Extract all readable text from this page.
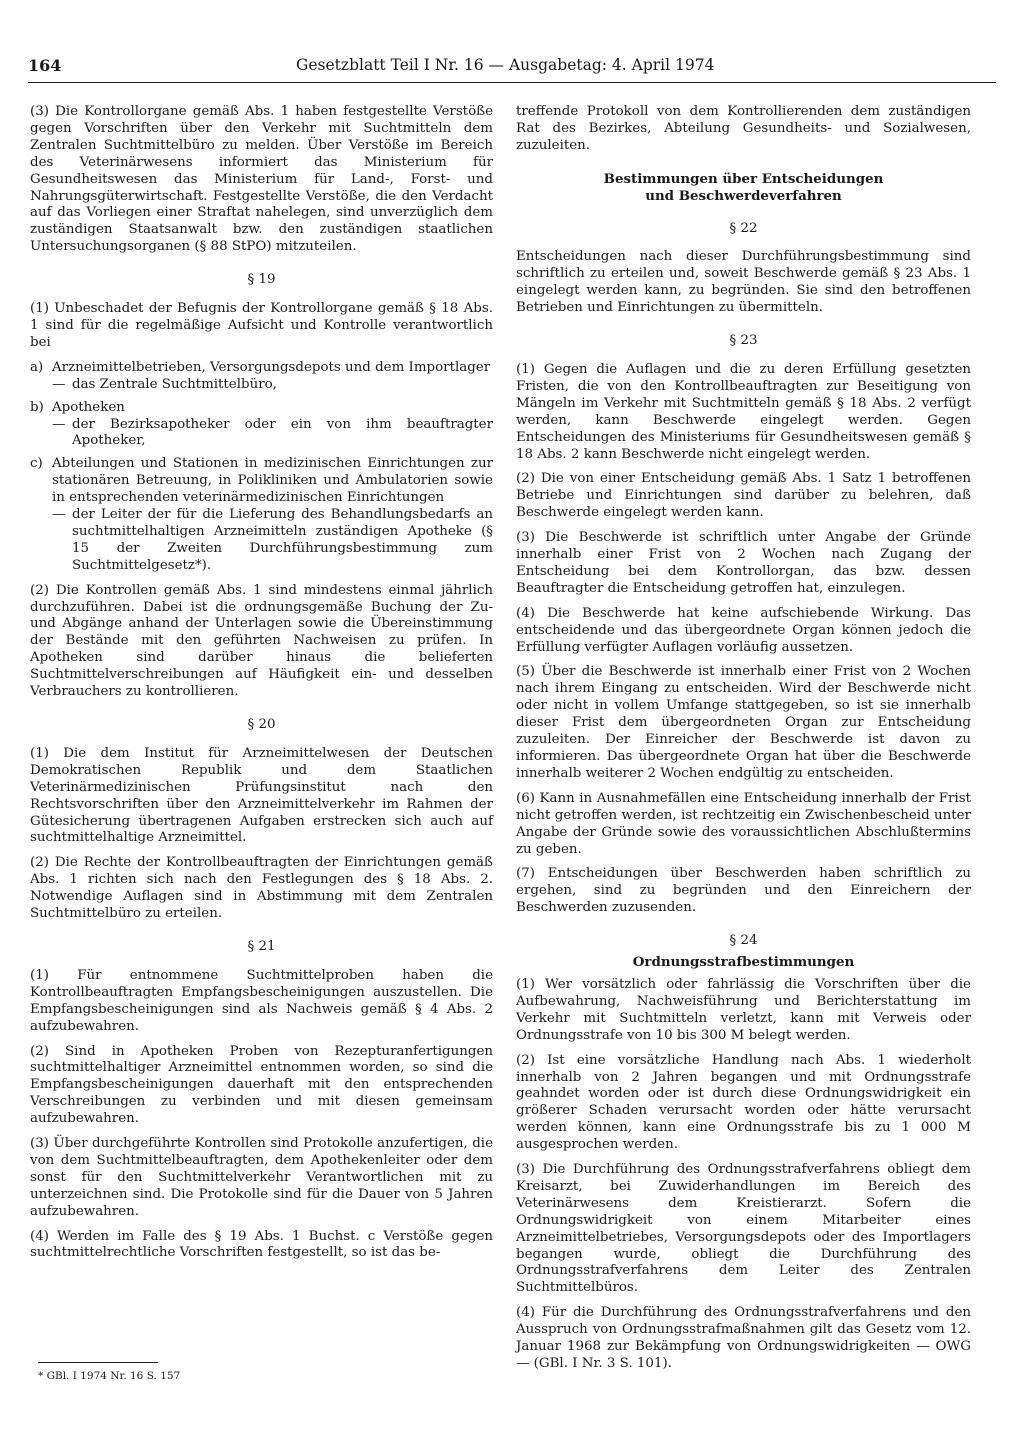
164	Gesetzblatt Teil I Nr. 16 — Ausgabetag: 4. April 1974

(3) Die Kontrollorgane gemäß Abs. 1 haben festgestellte Verstöße gegen Vorschriften über den Verkehr mit Suchtmitteln dem Zentralen Suchtmittelbüro zu melden. Über Verstöße im Bereich des Veterinärwesens informiert das Ministerium für Gesundheitswesen das Ministerium für Land-, Forst- und Nahrungsgüterwirtschaft. Festgestellte Verstöße, die den Verdacht auf das Vorliegen einer Straftat nahelegen, sind unverzüglich dem zuständigen Staatsanwalt bzw. den zuständigen staatlichen Untersuchungsorganen (§ 88 StPO) mitzuteilen.

§ 19

(1) Unbeschadet der Befugnis der Kontrollorgane gemäß § 18 Abs. 1 sind für die regelmäßige Aufsicht und Kontrolle verantwortlich bei

a) Arzneimittelbetrieben, Versorgungsdepots und dem Importlager
— das Zentrale Suchtmittelbüro,
b) Apotheken
— der Bezirksapotheker oder ein von ihm beauftragter Apotheker,
c) Abteilungen und Stationen in medizinischen Einrichtungen zur stationären Betreuung, in Polikliniken und Ambulatorien sowie in entsprechenden veterinärmedizinischen Einrichtungen
— der Leiter der für die Lieferung des Behandlungsbedarfs an suchtmittelhaltigen Arzneimitteln zuständigen Apotheke (§ 15 der Zweiten Durchführungsbestimmung zum Suchtmittelgesetz*).

(2) Die Kontrollen gemäß Abs. 1 sind mindestens einmal jährlich durchzuführen. Dabei ist die ordnungsgemäße Buchung der Zu- und Abgänge anhand der Unterlagen sowie die Übereinstimmung der Bestände mit den geführten Nachweisen zu prüfen. In Apotheken sind darüber hinaus die belieferten Suchtmittelverschreibungen auf Häufigkeit ein- und desselben Verbrauchers zu kontrollieren.

§ 20

(1) Die dem Institut für Arzneimittelwesen der Deutschen Demokratischen Republik und dem Staatlichen Veterinärmedizinischen Prüfungsinstitut nach den Rechtsvorschriften über den Arzneimittelverkehr im Rahmen der Gütesicherung übertragenen Aufgaben erstrecken sich auch auf suchtmittelhaltige Arzneimittel.

(2) Die Rechte der Kontrollbeauftragten der Einrichtungen gemäß Abs. 1 richten sich nach den Festlegungen des § 18 Abs. 2. Notwendige Auflagen sind in Abstimmung mit dem Zentralen Suchtmittelbüro zu erteilen.

§ 21

(1) Für entnommene Suchtmittelproben haben die Kontrollbeauftragten Empfangsbescheinigungen auszustellen. Die Empfangsbescheinigungen sind als Nachweis gemäß § 4 Abs. 2 aufzubewahren.

(2) Sind in Apotheken Proben von Rezepturanfertigungen suchtmittelhaltiger Arzneimittel entnommen worden, so sind die Empfangsbescheinigungen dauerhaft mit den entsprechenden Verschreibungen zu verbinden und mit diesen gemeinsam aufzubewahren.

(3) Über durchgeführte Kontrollen sind Protokolle anzufertigen, die von dem Suchtmittelbeauftragten, dem Apothekenleiter oder dem sonst für den Suchtmittelverkehr Verantwortlichen mit zu unterzeichnen sind. Die Protokolle sind für die Dauer von 5 Jahren aufzubewahren.

(4) Werden im Falle des § 19 Abs. 1 Buchst. c Verstöße gegen suchtmittelrechtliche Vorschriften festgestellt, so ist das be-

* GBl. I 1974 Nr. 16 S. 157

treffende Protokoll von dem Kontrollierenden dem zuständigen Rat des Bezirkes, Abteilung Gesundheits- und Sozialwesen, zuzuleiten.

Bestimmungen über Entscheidungen
und Beschwerdeverfahren
§ 22

Entscheidungen nach dieser Durchführungsbestimmung sind schriftlich zu erteilen und, soweit Beschwerde gemäß § 23 Abs. 1 eingelegt werden kann, zu begründen. Sie sind den betroffenen Betrieben und Einrichtungen zu übermitteln.

§ 23

(1) Gegen die Auflagen und die zu deren Erfüllung gesetzten Fristen, die von den Kontrollbeauftragten zur Beseitigung von Mängeln im Verkehr mit Suchtmitteln gemäß § 18 Abs. 2 verfügt werden, kann Beschwerde eingelegt werden. Gegen Entscheidungen des Ministeriums für Gesundheitswesen gemäß § 18 Abs. 2 kann Beschwerde nicht eingelegt werden.

(2) Die von einer Entscheidung gemäß Abs. 1 Satz 1 betroffenen Betriebe und Einrichtungen sind darüber zu belehren, daß Beschwerde eingelegt werden kann.

(3) Die Beschwerde ist schriftlich unter Angabe der Gründe innerhalb einer Frist von 2 Wochen nach Zugang der Entscheidung bei dem Kontrollorgan, das bzw. dessen Beauftragter die Entscheidung getroffen hat, einzulegen.

(4) Die Beschwerde hat keine aufschiebende Wirkung. Das entscheidende und das übergeordnete Organ können jedoch die Erfüllung verfügter Auflagen vorläufig aussetzen.

(5) Über die Beschwerde ist innerhalb einer Frist von 2 Wochen nach ihrem Eingang zu entscheiden. Wird der Beschwerde nicht oder nicht in vollem Umfange stattgegeben, so ist sie innerhalb dieser Frist dem übergeordneten Organ zur Entscheidung zuzuleiten. Der Einreicher der Beschwerde ist davon zu informieren. Das übergeordnete Organ hat über die Beschwerde innerhalb weiterer 2 Wochen endgültig zu entscheiden.

(6) Kann in Ausnahmefällen eine Entscheidung innerhalb der Frist nicht getroffen werden, ist rechtzeitig ein Zwischenbescheid unter Angabe der Gründe sowie des voraussichtlichen Abschlußtermins zu geben.

(7) Entscheidungen über Beschwerden haben schriftlich zu ergehen, sind zu begründen und den Einreichern der Beschwerden zuzusenden.

§ 24
Ordnungsstrafbestimmungen

(1) Wer vorsätzlich oder fahrlässig die Vorschriften über die Aufbewahrung, Nachweisführung und Berichterstattung im Verkehr mit Suchtmitteln verletzt, kann mit Verweis oder Ordnungsstrafe von 10 bis 300 M belegt werden.

(2) Ist eine vorsätzliche Handlung nach Abs. 1 wiederholt innerhalb von 2 Jahren begangen und mit Ordnungsstrafe geahndet worden oder ist durch diese Ordnungswidrigkeit ein größerer Schaden verursacht worden oder hätte verursacht werden können, kann eine Ordnungsstrafe bis zu 1 000 M ausgesprochen werden.

(3) Die Durchführung des Ordnungsstrafverfahrens obliegt dem Kreisarzt, bei Zuwiderhandlungen im Bereich des Veterinärwesens dem Kreistierarzt. Sofern die Ordnungswidrigkeit von einem Mitarbeiter eines Arzneimittelbetriebes, Versorgungsdepots oder des Importlagers begangen wurde, obliegt die Durchführung des Ordnungsstrafverfahrens dem Leiter des Zentralen Suchtmittelbüros.

(4) Für die Durchführung des Ordnungsstrafverfahrens und den Ausspruch von Ordnungsstrafmaßnahmen gilt das Gesetz vom 12. Januar 1968 zur Bekämpfung von Ordnungswidrigkeiten — OWG — (GBl. I Nr. 3 S. 101).
